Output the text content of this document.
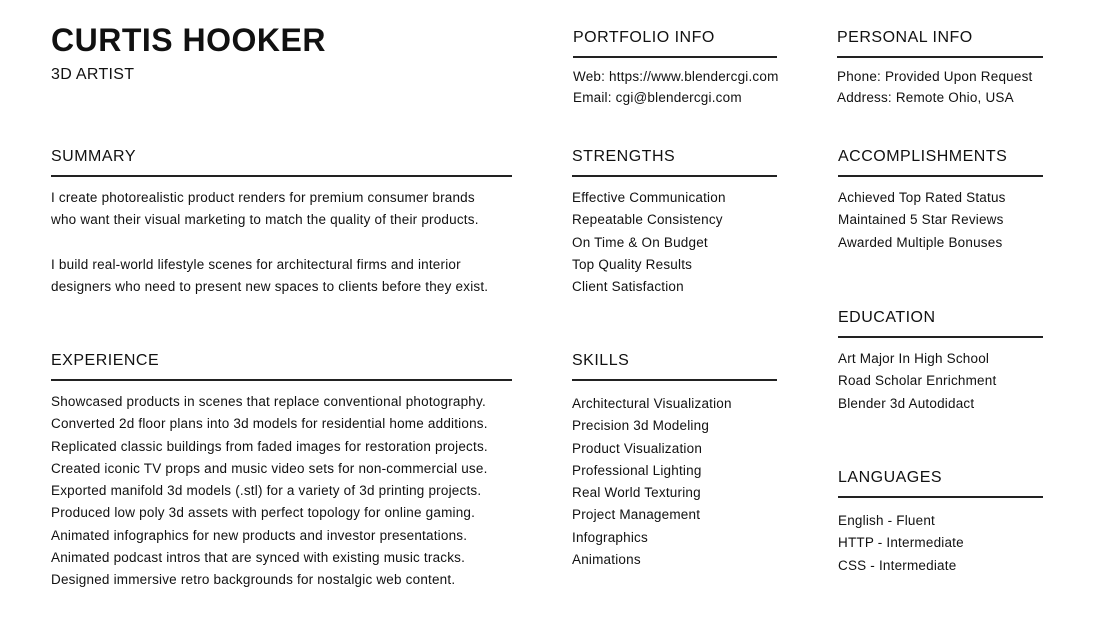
CURTIS HOOKER
3D ARTIST
PORTFOLIO INFO
Web: https://www.blendercgi.com
Email: cgi@blendercgi.com
PERSONAL INFO
Phone: Provided Upon Request
Address: Remote Ohio, USA
SUMMARY
I create photorealistic product renders for premium consumer brands
who want their visual marketing to match the quality of their products.
I build real-world lifestyle scenes for architectural firms and interior
designers who need to present new spaces to clients before they exist.
STRENGTHS
Effective Communication
Repeatable Consistency
On Time & On Budget
Top Quality Results
Client Satisfaction
ACCOMPLISHMENTS
Achieved Top Rated Status
Maintained 5 Star Reviews
Awarded Multiple Bonuses
EDUCATION
Art Major In High School
Road Scholar Enrichment
Blender 3d Autodidact
EXPERIENCE
Showcased products in scenes that replace conventional photography.
Converted 2d floor plans into 3d models for residential home additions.
Replicated classic buildings from faded images for restoration projects.
Created iconic TV props and music video sets for non-commercial use.
Exported manifold 3d models (.stl) for a variety of 3d printing projects.
Produced low poly 3d assets with perfect topology for online gaming.
Animated infographics for new products and investor presentations.
Animated podcast intros that are synced with existing music tracks.
Designed immersive retro backgrounds for nostalgic web content.
SKILLS
Architectural Visualization
Precision 3d Modeling
Product Visualization
Professional Lighting
Real World Texturing
Project Management
Infographics
Animations
LANGUAGES
English - Fluent
HTTP - Intermediate
CSS - Intermediate
